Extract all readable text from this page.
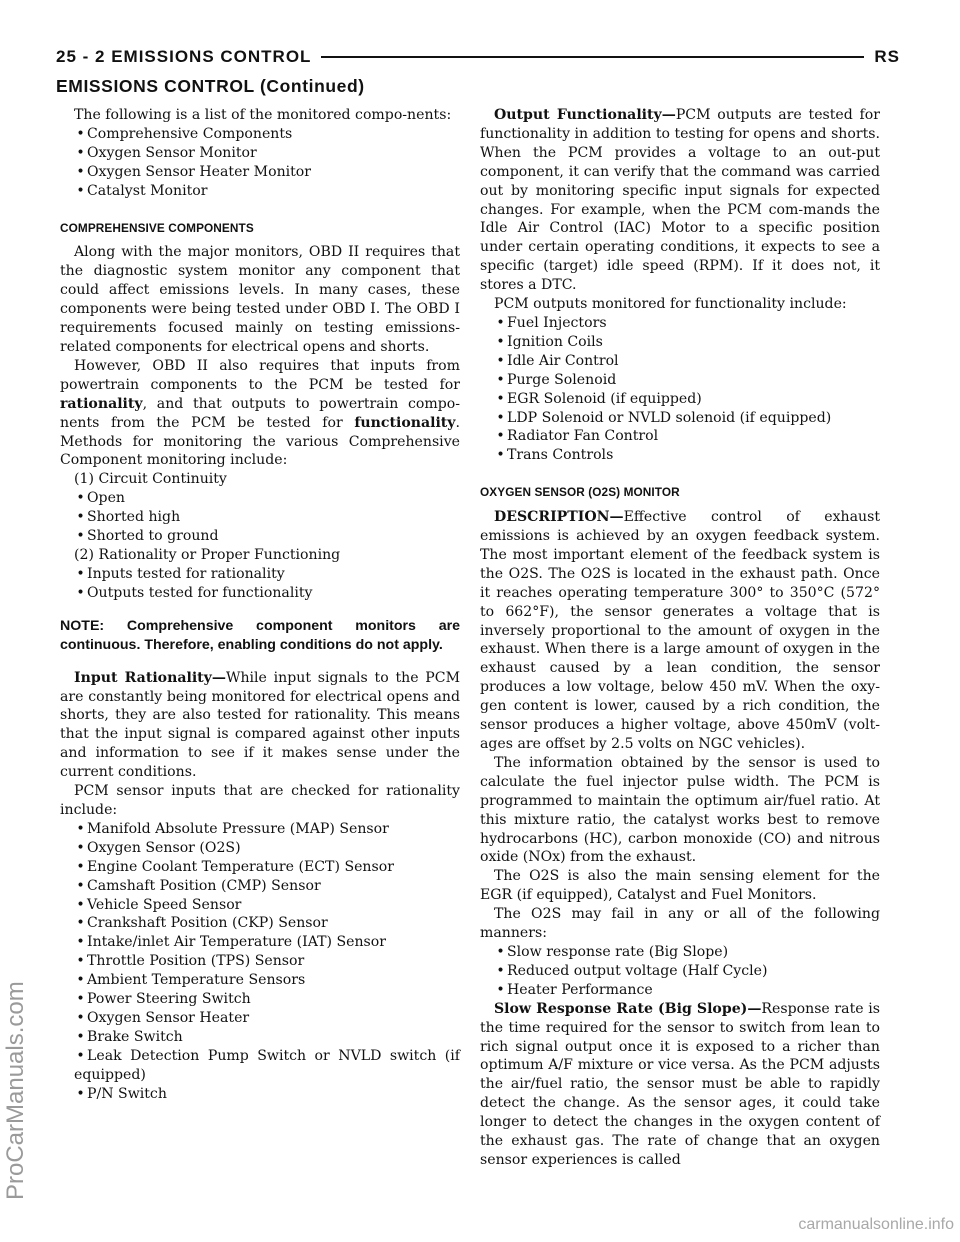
25 - 2 EMISSIONS CONTROL	RS
EMISSIONS CONTROL (Continued)

The following is a list of the monitored compo-nents:

• Comprehensive Components

• Oxygen Sensor Monitor

• Oxygen Sensor Heater Monitor

• Catalyst Monitor

COMPREHENSIVE COMPONENTS

Along with the major monitors, OBD II requires that the diagnostic system monitor any component that could affect emissions levels. In many cases, these components were being tested under OBD I. The OBD I requirements focused mainly on testing emissions-related components for electrical opens and shorts.

However, OBD II also requires that inputs from powertrain components to the PCM be tested for rationality, and that outputs to powertrain compo-nents from the PCM be tested for functionality. Methods for monitoring the various Comprehensive Component monitoring include:

(1) Circuit Continuity

• Open

• Shorted high

• Shorted to ground

(2) Rationality or Proper Functioning

• Inputs tested for rationality

• Outputs tested for functionality

NOTE: Comprehensive component monitors are continuous. Therefore, enabling conditions do not apply.

Input Rationality—While input signals to the PCM are constantly being monitored for electrical opens and shorts, they are also tested for rationality. This means that the input signal is compared against other inputs and information to see if it makes sense under the current conditions.

PCM sensor inputs that are checked for rationality include:

• Manifold Absolute Pressure (MAP) Sensor

• Oxygen Sensor (O2S)

• Engine Coolant Temperature (ECT) Sensor

• Camshaft Position (CMP) Sensor

• Vehicle Speed Sensor

• Crankshaft Position (CKP) Sensor

• Intake/inlet Air Temperature (IAT) Sensor

• Throttle Position (TPS) Sensor

• Ambient Temperature Sensors

• Power Steering Switch

• Oxygen Sensor Heater

• Brake Switch

• Leak Detection Pump Switch or NVLD switch (if equipped)

• P/N Switch

Output Functionality—PCM outputs are tested for functionality in addition to testing for opens and shorts. When the PCM provides a voltage to an out-put component, it can verify that the command was carried out by monitoring specific input signals for expected changes. For example, when the PCM com-mands the Idle Air Control (IAC) Motor to a specific position under certain operating conditions, it expects to see a specific (target) idle speed (RPM). If it does not, it stores a DTC.

PCM outputs monitored for functionality include:

• Fuel Injectors

• Ignition Coils

• Idle Air Control

• Purge Solenoid

• EGR Solenoid (if equipped)

• LDP Solenoid or NVLD solenoid (if equipped)

• Radiator Fan Control

• Trans Controls

OXYGEN SENSOR (O2S) MONITOR

DESCRIPTION—Effective control of exhaust emissions is achieved by an oxygen feedback system. The most important element of the feedback system is the O2S. The O2S is located in the exhaust path. Once it reaches operating temperature 300° to 350°C (572° to 662°F), the sensor generates a voltage that is inversely proportional to the amount of oxygen in the exhaust. When there is a large amount of oxygen in the exhaust caused by a lean condition, the sensor produces a low voltage, below 450 mV. When the oxy-gen content is lower, caused by a rich condition, the sensor produces a higher voltage, above 450mV (volt-ages are offset by 2.5 volts on NGC vehicles).

The information obtained by the sensor is used to calculate the fuel injector pulse width. The PCM is programmed to maintain the optimum air/fuel ratio. At this mixture ratio, the catalyst works best to remove hydrocarbons (HC), carbon monoxide (CO) and nitrous oxide (NOx) from the exhaust.

The O2S is also the main sensing element for the EGR (if equipped), Catalyst and Fuel Monitors.

The O2S may fail in any or all of the following manners:

• Slow response rate (Big Slope)

• Reduced output voltage (Half Cycle)

• Heater Performance

Slow Response Rate (Big Slope)—Response rate is the time required for the sensor to switch from lean to rich signal output once it is exposed to a richer than optimum A/F mixture or vice versa. As the PCM adjusts the air/fuel ratio, the sensor must be able to rapidly detect the change. As the sensor ages, it could take longer to detect the changes in the oxygen content of the exhaust gas. The rate of change that an oxygen sensor experiences is called

ProCarManuals.com
carmanualsonline.info
